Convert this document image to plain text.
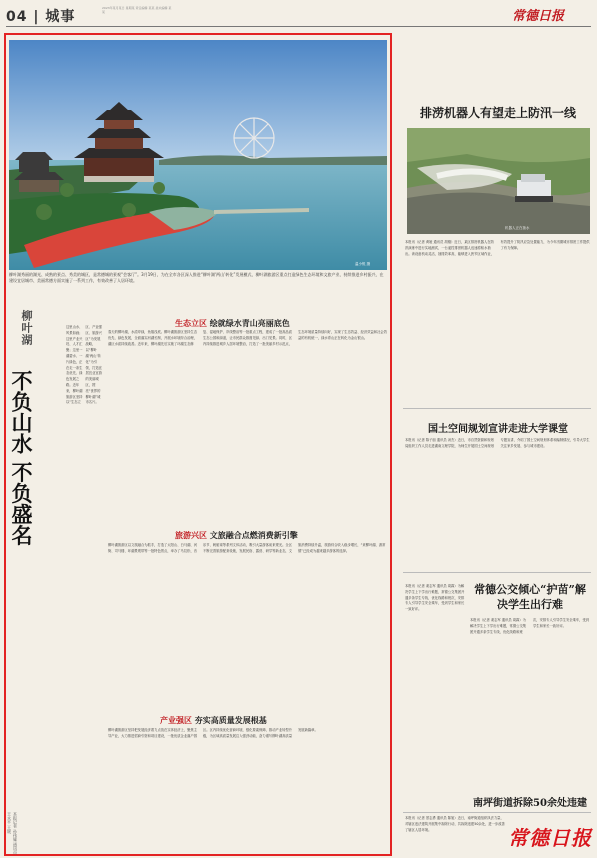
04 | 城事
2023年某月某日 星期某 责任编辑 某某 美术编辑 某某	常德日报
温小锐 摄
柳叶湖秀丽的湖光、成熟的景点、秀美的城区，是常德城的景观“会客厅”。3月19日，为在全市各区深入推进“柳叶湖‘两山’转化”发展模式，柳叶湖旅游区重点打造绿色生态环境和文旅产业，持续推进乡村振兴，在建设宜居城市、美丽常德方面实施了一系列工作，有效改善了人居环境。
柳叶湖
不负山水 不负盛名
这里山水、风景如画；这里产业兴旺、人才汇聚；这里一湖碧水、一片绿色，正在走一条生态优先、绿色发展之路。近年来，柳叶湖旅游区坚持以“生态立区、产业强区、旅游兴区”为发展战略，以“柳叶湖‘两山’转化”为引领，打造宜居宜业宜游的美丽城区，擦亮“世界的柳叶湖”城市名片。
本报记者 孙伟耀 通讯员 王永平 王媛
生态立区 绘就绿水青山亮丽底色
春天的柳叶湖，水清岸绿，鱼翔浅底。柳叶湖旅游区坚持生态优先、绿色发展，全面落实河湖长制，开展水环境综合治理，湖区水质持续改善。近年来，柳叶湖先后实施了环湖生态修复、湿地保护、岸线整治等一批重点工程，建成了一批高品质生态公园和绿道，让市民群众推窗见绿、出门见景。同时，区内持续推进城乡人居环境整治，打造了一批美丽乡村示范点，生态环境质量持续向好，实现了生态效益、经济效益和社会效益的有机统一，绿水青山正在转化为金山银山。
旅游兴区 文旅融合点燃消费新引擎
柳叶湖旅游区以文旅融合为抓手，打造了太阳山、白马湖、河街、司马楼、环湖景观带等一批特色景点，举办了马拉松、音乐节、帆船赛等系列文体活动，吸引大量游客前来观光。全区不断完善旅游配套设施，发展民宿、露营、研学等新业态，文旅消费持续升温，旅游综合收入稳步增长，“来柳叶湖、游常德”已经成为越来越多游客的选择。
产业强区 夯实高质量发展根基
柳叶湖旅游区坚持把发展经济着力点放在实体经济上，聚焦主导产业，大力推进招商引资和项目建设，一批优质企业落户园区。区内持续优化营商环境，强化要素保障，推动产业转型升级，为区域高质量发展注入强劲动能，奋力谱写柳叶湖高质量发展新篇章。
排涝机器人有望走上防汛一线
机器人正在抽水
本报讯（记者 黄娅 通讯员 胡刚）近日，某区排涝机器人在防汛演练中进行实地测试，一台遥控排涝机器人迅速将积水抽出。该设备机动灵活，抽排效率高，能够进入狭窄区域作业，有效提升了防汛应急处置能力，为今年汛期城市排涝工作提供了有力保障。
国土空间规划宣讲走进大学课堂
本报讯（记者 陈子朋 通讯员 汤杰）近日，市自然资源和规划局组织工作人员走进湖南文理学院，为师生开展国土空间规划专题宣讲，介绍了国土空间规划体系和编制情况，引导大学生关注家乡发展、参与城市建设。
常德公交倾心“护苗”解决学生出行难
本报讯（记者 姜志军 通讯员 周霖）为解决学生上下学出行难题，常德公交集团开通多条学生专线，优化线路和班次，安排专人引导学生安全乘车，受到学生和家长一致好评。
本报讯（记者 姜志军 通讯员 周霖）为解决学生上下学出行难题，常德公交集团开通多条学生专线，优化线路和班次，安排专人引导学生安全乘车，受到学生和家长一致好评。
南坪街道拆除50余处违建
本报讯（记者 蔡志勇 通讯员 陈旭）近日，南坪街道组织执法力量，对辖区违法建筑开展集中拆除行动，共拆除违建50余处，进一步改善了辖区人居环境。	常德日报
